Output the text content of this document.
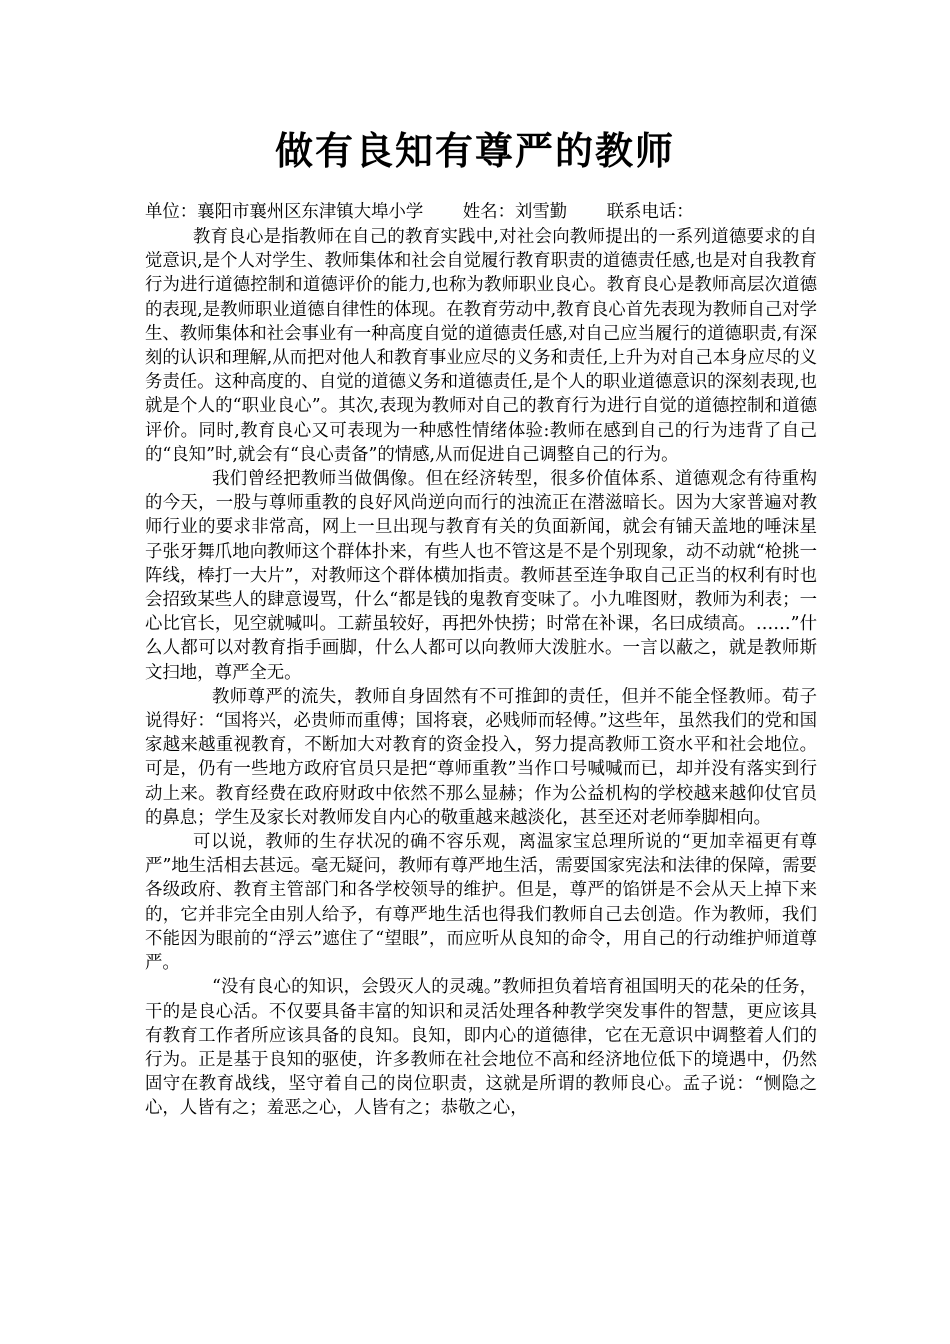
做有良知有尊严的教师
单位：襄阳市襄州区东津镇大埠小学 姓名：刘雪勤 联系电话：

教育良心是指教师在自己的教育实践中,对社会向教师提出的一系列道德要求的自觉意识,是个人对学生、教师集体和社会自觉履行教育职责的道德责任感,也是对自我教育行为进行道德控制和道德评价的能力,也称为教师职业良心。教育良心是教师高层次道德的表现,是教师职业道德自律性的体现。在教育劳动中,教育良心首先表现为教师自己对学生、教师集体和社会事业有一种高度自觉的道德责任感,对自己应当履行的道德职责,有深刻的认识和理解,从而把对他人和教育事业应尽的义务和责任,上升为对自己本身应尽的义务责任。这种高度的、自觉的道德义务和道德责任,是个人的职业道德意识的深刻表现,也就是个人的“职业良心”。其次,表现为教师对自己的教育行为进行自觉的道德控制和道德评价。同时,教育良心又可表现为一种感性情绪体验:教师在感到自己的行为违背了自己的“良知”时,就会有“良心责备”的情感,从而促进自己调整自己的行为。

我们曾经把教师当做偶像。但在经济转型，很多价值体系、道德观念有待重构的今天，一股与尊师重教的良好风尚逆向而行的浊流正在潜滋暗长。因为大家普遍对教师行业的要求非常高，网上一旦出现与教育有关的负面新闻，就会有铺天盖地的唾沫星子张牙舞爪地向教师这个群体扑来，有些人也不管这是不是个别现象，动不动就“枪挑一阵线，棒打一大片”，对教师这个群体横加指责。教师甚至连争取自己正当的权利有时也会招致某些人的肆意谩骂，什么“都是钱的鬼教育变味了。小九唯图财，教师为利表；一心比官长，见空就喊叫。工薪虽较好，再把外快捞；时常在补课，名曰成绩高。……”什么人都可以对教育指手画脚，什么人都可以向教师大泼脏水。一言以蔽之，就是教师斯文扫地，尊严全无。

教师尊严的流失，教师自身固然有不可推卸的责任，但并不能全怪教师。荀子说得好：“国将兴，必贵师而重傅；国将衰，必贱师而轻傅。”这些年，虽然我们的党和国家越来越重视教育，不断加大对教育的资金投入，努力提高教师工资水平和社会地位。可是，仍有一些地方政府官员只是把“尊师重教”当作口号喊喊而已，却并没有落实到行动上来。教育经费在政府财政中依然不那么显赫；作为公益机构的学校越来越仰仗官员的鼻息；学生及家长对教师发自内心的敬重越来越淡化，甚至还对老师拳脚相向。

可以说，教师的生存状况的确不容乐观，离温家宝总理所说的“更加幸福更有尊严”地生活相去甚远。毫无疑问，教师有尊严地生活，需要国家宪法和法律的保障，需要各级政府、教育主管部门和各学校领导的维护。但是，尊严的馅饼是不会从天上掉下来的，它并非完全由别人给予，有尊严地生活也得我们教师自己去创造。作为教师，我们不能因为眼前的“浮云”遮住了“望眼”，而应听从良知的命令，用自己的行动维护师道尊严。

“没有良心的知识，会毁灭人的灵魂。”教师担负着培育祖国明天的花朵的任务，干的是良心活。不仅要具备丰富的知识和灵活处理各种教学突发事件的智慧，更应该具有教育工作者所应该具备的良知。良知，即内心的道德律，它在无意识中调整着人们的行为。正是基于良知的驱使，许多教师在社会地位不高和经济地位低下的境遇中，仍然固守在教育战线，坚守着自己的岗位职责，这就是所谓的教师良心。孟子说：“恻隐之心，人皆有之；羞恶之心，人皆有之；恭敬之心，
